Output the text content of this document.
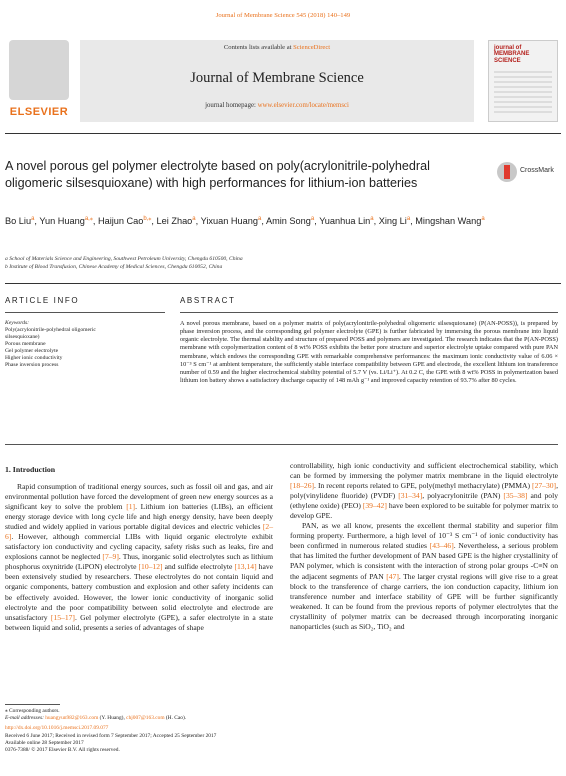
Journal of Membrane Science 545 (2018) 140–149
ELSEVIER
Contents lists available at ScienceDirect
Journal of Membrane Science
journal homepage: www.elsevier.com/locate/memsci
journal of
MEMBRANE
SCIENCE
A novel porous gel polymer electrolyte based on poly(acrylonitrile-polyhedral oligomeric silsesquioxane) with high performances for lithium-ion batteries
CrossMark
Bo Liu$^a$, Yun Huang$^{a,⁎}$, Haijun Cao$^{b,⁎}$, Lei Zhao$^a$, Yixuan Huang$^a$, Amin Song$^a$, Yuanhua Lin$^a$, Xing Li$^a$, Mingshan Wang$^a$
a School of Materials Science and Engineering, Southwest Petroleum University, Chengdu 610500, China
b Institute of Blood Transfusion, Chinese Academy of Medical Sciences, Chengdu 610052, China
ARTICLE INFO	ABSTRACT
Keywords:
Poly(acrylonitrile-polyhedral oligomeric
silsesquioxane)
Porous membrane
Gel polymer electrolyte
Higher ionic conductivity
Phase inversion process
A novel porous membrane, based on a polymer matrix of poly(acrylonitrile-polyhedral oligomeric silsesquioxane) (P(AN-POSS)), is prepared by phase inversion process, and the corresponding gel polymer electrolyte (GPE) is further fabricated by immersing the porous membrane into liquid organic electrolyte. The thermal stability and structure of prepared POSS and polymers are investigated. The research indicates that the P(AN-POSS) membrane with copolymerization content of 8 wt% POSS exhibits the better pore structure and superior electrolyte uptake compared with pure PAN membrane, which endows the corresponding GPE with remarkable comprehensive performances: the maximum ionic conductivity value of 6.06 × 10⁻³ S cm⁻¹ at ambient temperature, the sufficiently stable interface compatibility between GPE and electrode, the excellent lithium ion transference number of 0.59 and the higher electrochemical stability potential of 5.7 V (vs. Li/Li⁺). At 0.2 C, the GPE with 8 wt% POSS in polymerization based lithium ion battery shows a satisfactory discharge capacity of 148 mAh g⁻¹ and improved capacity retention of 93.7% after 80 cycles.
1. Introduction
Rapid consumption of traditional energy sources, such as fossil oil and gas, and air environmental pollution have forced the development of green new energy sources as a significant key to solve the problem [1]. Lithium ion batteries (LIBs), an efficient energy storage device with long cycle life and high energy density, have been deeply studied and widely applied in various portable digital devices and electric vehicles [2–6]. However, although commercial LIBs with liquid organic electrolyte exhibit satisfactory ion conductivity and cycling capacity, safety risks such as leaks, fire and explosions cannot be neglected [7–9]. Thus, inorganic solid electrolytes such as lithium phosphorus oxynitride (LiPON) electrolyte [10–12] and sulfide electrolyte [13,14] have been extensively studied by researchers. These electrolytes do not contain liquid and organic components, battery combustion and explosion and other safety incidents can be effectively avoided. However, the lower ionic conductivity of inorganic solid electrolyte and the poor compatibility between solid electrolyte and electrode are unsatisfactory [15–17]. Gel polymer electrolyte (GPE), a safer electrolyte in a state between liquid and solid, presents a series of advantages of shape
controllability, high ionic conductivity and sufficient electrochemical stability, which can be formed by immersing the polymer matrix membrane in the liquid electrolyte [18–26]. In recent reports related to GPE, poly(methyl methacrylate) (PMMA) [27–30], poly(vinylidene fluoride) (PVDF) [31–34], polyacrylonitrile (PAN) [35–38] and poly (ethylene oxide) (PEO) [39–42] have been explored to be suitable for polymer matrix to develop GPE.
PAN, as we all know, presents the excellent thermal stability and superior film forming property. Furthermore, a high level of 10⁻³ S cm⁻¹ of ionic conductivity has been confirmed in numerous related studies [43–46]. Nevertheless, a serious problem that has limited the further development of PAN based GPE is the higher crystallinity of PAN polymer, which is consistent with the interaction of strong polar groups -C≡N on the adjacent segments of PAN [47]. The larger crystal regions will give rise to a great block to the transference of charge carriers, the ion conduction capacity, lithium ion transference number and interface stability of GPE will be further significantly weakened. It can be found from the previous reports of polymer electrolytes that the crystallinity of polymer matrix can be decreased through incorporating inorganic nanoparticles (such as SiO₂, TiO₂ and
⁎ Corresponding authors.
E-mail addresses: huangyun982@163.com (Y. Huang), chj007@163.com (H. Cao).
http://dx.doi.org/10.1016/j.memsci.2017.09.077
Received 6 June 2017; Received in revised form 7 September 2017; Accepted 25 September 2017
Available online 28 September 2017
0376-7388/ © 2017 Elsevier B.V. All rights reserved.
